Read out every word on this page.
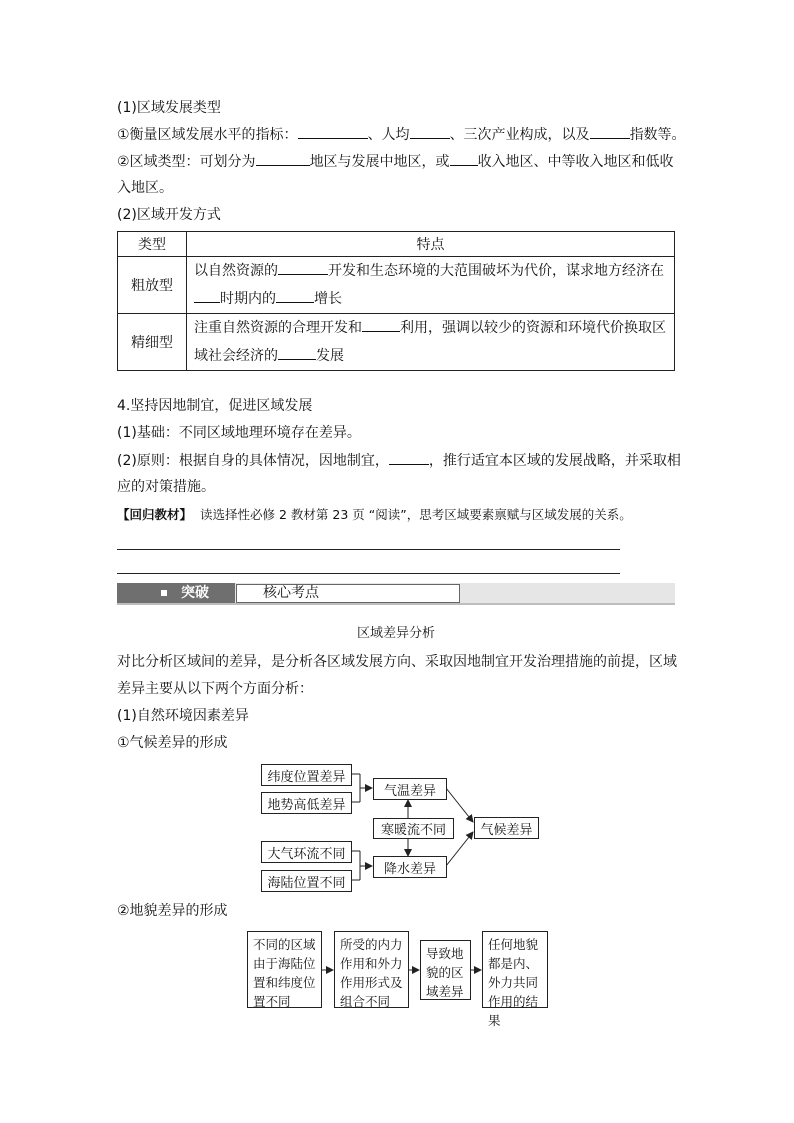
(1)区域发展类型
①衡量区域发展水平的指标：	、人均	、三次产业构成，以及	指数等。
②区域类型：可划分为	地区与发展中地区，或 收入地区、中等收入地区和低收
入地区。
(2)区域开发方式
类型	特点
粗放型	以自然资源的 开发和生态环境的大范围破坏为代价，谋求地方经济在
时期内的 增长

精细型	注重自然资源的合理开发和 利用，强调以较少的资源和环境代价换取区
域社会经济的 发展
4.坚持因地制宜，促进区域发展
(1)基础：不同区域地理环境存在差异。
(2)原则：根据自身的具体情况，因地制宜，	，推行适宜本区域的发展战略，并采取相
应的对策措施。
【回归教材】 读选择性必修 2 教材第 23 页 “阅读”，思考区域要素禀赋与区域发展的关系。
突破	核心考点
区域差异分析
对比分析区域间的差异，是分析各区域发展方向、采取因地制宜开发治理措施的前提，区域
差异主要从以下两个方面分析：
(1)自然环境因素差异
①气候差异的形成
纬度位置差异
地势高低差异
气温差异
寒暖流不同	气候差异
大气环流不同
海陆位置不同
降水差异
②地貌差异的形成
不同的区域由于海陆位置和纬度位置不同
所受的内力作用和外力作用形式及组合不同
导致地貌的区域差异
任何地貌都是内、外力共同作用的结果
